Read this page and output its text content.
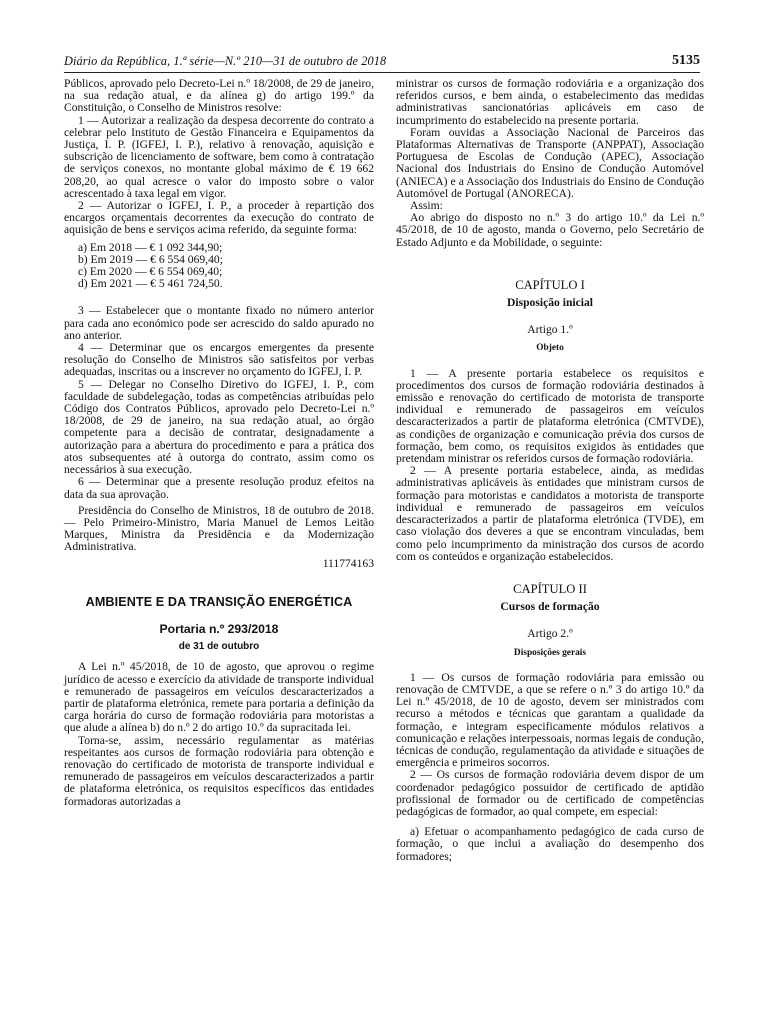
Diário da República, 1.ª série—N.º 210—31 de outubro de 2018	5135

Públicos, aprovado pelo Decreto-Lei n.º 18/2008, de 29 de janeiro, na sua redação atual, e da alínea g) do artigo 199.º da Constituição, o Conselho de Ministros resolve:

1 — Autorizar a realização da despesa decorrente do contrato a celebrar pelo Instituto de Gestão Financeira e Equipamentos da Justiça, I. P. (IGFEJ, I. P.), relativo à renovação, aquisição e subscrição de licenciamento de software, bem como à contratação de serviços conexos, no montante global máximo de € 19 662 208,20, ao qual acresce o valor do imposto sobre o valor acrescentado à taxa legal em vigor.

2 — Autorizar o IGFEJ, I. P., a proceder à repartição dos encargos orçamentais decorrentes da execução do contrato de aquisição de bens e serviços acima referido, da seguinte forma:

a) Em 2018 — € 1 092 344,90;
b) Em 2019 — € 6 554 069,40;
c) Em 2020 — € 6 554 069,40;
d) Em 2021 — € 5 461 724,50.

3 — Estabelecer que o montante fixado no número anterior para cada ano económico pode ser acrescido do saldo apurado no ano anterior.

4 — Determinar que os encargos emergentes da presente resolução do Conselho de Ministros são satisfeitos por verbas adequadas, inscritas ou a inscrever no orçamento do IGFEJ, I. P.

5 — Delegar no Conselho Diretivo do IGFEJ, I. P., com faculdade de subdelegação, todas as competências atribuídas pelo Código dos Contratos Públicos, aprovado pelo Decreto-Lei n.º 18/2008, de 29 de janeiro, na sua redação atual, ao órgão competente para a decisão de contratar, designadamente a autorização para a abertura do procedimento e para a prática dos atos subsequentes até à outorga do contrato, assim como os necessários à sua execução.

6 — Determinar que a presente resolução produz efeitos na data da sua aprovação.

Presidência do Conselho de Ministros, 18 de outubro de 2018. — Pelo Primeiro-Ministro, Maria Manuel de Lemos Leitão Marques, Ministra da Presidência e da Modernização Administrativa.

111774163

AMBIENTE E DA TRANSIÇÃO ENERGÉTICA
Portaria n.º 293/2018
de 31 de outubro

A Lei n.º 45/2018, de 10 de agosto, que aprovou o regime jurídico de acesso e exercício da atividade de transporte individual e remunerado de passageiros em veículos descaracterizados a partir de plataforma eletrónica, remete para portaria a definição da carga horária do curso de formação rodoviária para motoristas a que alude a alínea b) do n.º 2 do artigo 10.º da supracitada lei.

Torna-se, assim, necessário regulamentar as matérias respeitantes aos cursos de formação rodoviária para obtenção e renovação do certificado de motorista de transporte individual e remunerado de passageiros em veículos descaracterizados a partir de plataforma eletrónica, os requisitos específicos das entidades formadoras autorizadas a

ministrar os cursos de formação rodoviária e a organização dos referidos cursos, e bem ainda, o estabelecimento das medidas administrativas sancionatórias aplicáveis em caso de incumprimento do estabelecido na presente portaria.

Foram ouvidas a Associação Nacional de Parceiros das Plataformas Alternativas de Transporte (ANPPAT), Associação Portuguesa de Escolas de Condução (APEC), Associação Nacional dos Industriais do Ensino de Condução Automóvel (ANIECA) e a Associação dos Industriais do Ensino de Condução Automóvel de Portugal (ANORECA).

Assim:

Ao abrigo do disposto no n.º 3 do artigo 10.º da Lei n.º 45/2018, de 10 de agosto, manda o Governo, pelo Secretário de Estado Adjunto e da Mobilidade, o seguinte:

CAPÍTULO I
Disposição inicial
Artigo 1.º
Objeto

1 — A presente portaria estabelece os requisitos e procedimentos dos cursos de formação rodoviária destinados à emissão e renovação do certificado de motorista de transporte individual e remunerado de passageiros em veículos descaracterizados a partir de plataforma eletrónica (CMTVDE), as condições de organização e comunicação prévia dos cursos de formação, bem como, os requisitos exigidos às entidades que pretendam ministrar os referidos cursos de formação rodoviária.

2 — A presente portaria estabelece, ainda, as medidas administrativas aplicáveis às entidades que ministram cursos de formação para motoristas e candidatos a motorista de transporte individual e remunerado de passageiros em veículos descaracterizados a partir de plataforma eletrónica (TVDE), em caso violação dos deveres a que se encontram vinculadas, bem como pelo incumprimento da ministração dos cursos de acordo com os conteúdos e organização estabelecidos.

CAPÍTULO II
Cursos de formação
Artigo 2.º
Disposições gerais

1 — Os cursos de formação rodoviária para emissão ou renovação de CMTVDE, a que se refere o n.º 3 do artigo 10.º da Lei n.º 45/2018, de 10 de agosto, devem ser ministrados com recurso a métodos e técnicas que garantam a qualidade da formação, e integram especificamente módulos relativos a comunicação e relações interpessoais, normas legais de condução, técnicas de condução, regulamentação da atividade e situações de emergência e primeiros socorros.

2 — Os cursos de formação rodoviária devem dispor de um coordenador pedagógico possuidor de certificado de aptidão profissional de formador ou de certificado de competências pedagógicas de formador, ao qual compete, em especial:

a) Efetuar o acompanhamento pedagógico de cada curso de formação, o que inclui a avaliação do desempenho dos formadores;
